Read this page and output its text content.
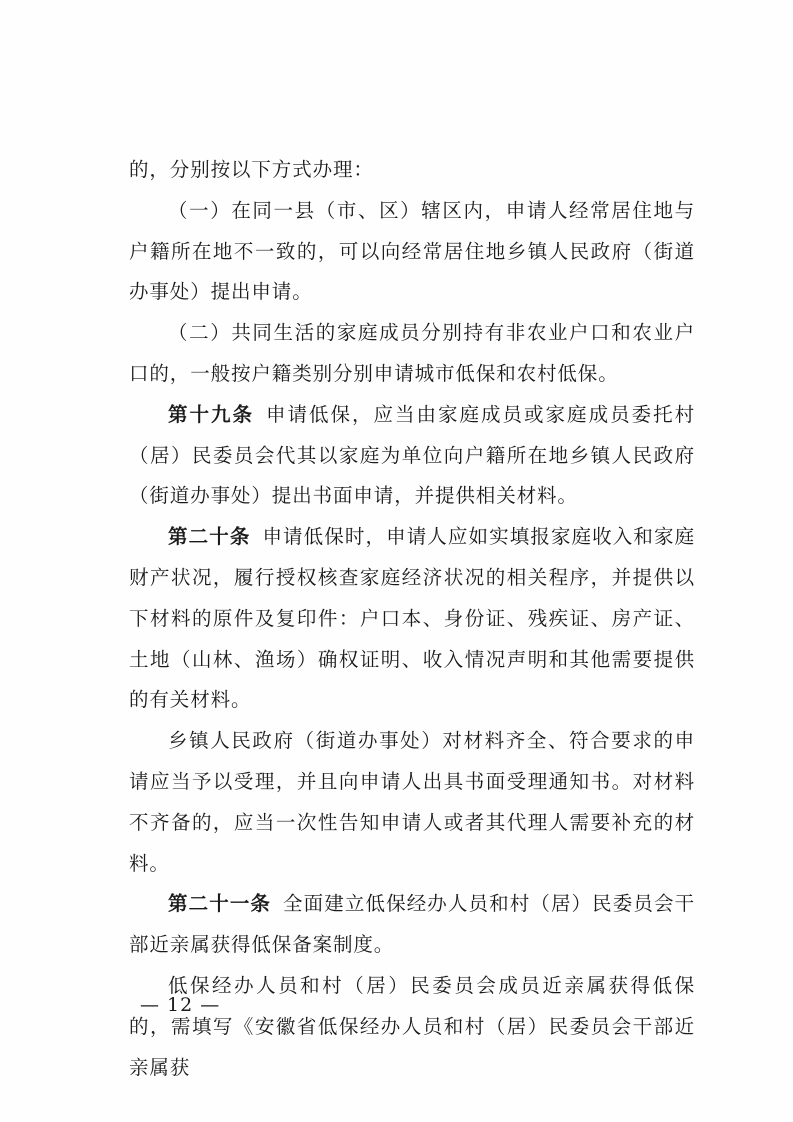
的，分别按以下方式办理：

（一）在同一县（市、区）辖区内，申请人经常居住地与户籍所在地不一致的，可以向经常居住地乡镇人民政府（街道办事处）提出申请。

（二）共同生活的家庭成员分别持有非农业户口和农业户口的，一般按户籍类别分别申请城市低保和农村低保。

第十九条 申请低保，应当由家庭成员或家庭成员委托村（居）民委员会代其以家庭为单位向户籍所在地乡镇人民政府（街道办事处）提出书面申请，并提供相关材料。

第二十条 申请低保时，申请人应如实填报家庭收入和家庭财产状况，履行授权核查家庭经济状况的相关程序，并提供以下材料的原件及复印件：户口本、身份证、残疾证、房产证、土地（山林、渔场）确权证明、收入情况声明和其他需要提供的有关材料。

乡镇人民政府（街道办事处）对材料齐全、符合要求的申请应当予以受理，并且向申请人出具书面受理通知书。对材料不齐备的，应当一次性告知申请人或者其代理人需要补充的材料。

第二十一条 全面建立低保经办人员和村（居）民委员会干部近亲属获得低保备案制度。

低保经办人员和村（居）民委员会成员近亲属获得低保的，需填写《安徽省低保经办人员和村（居）民委员会干部近亲属获

— 12 —
